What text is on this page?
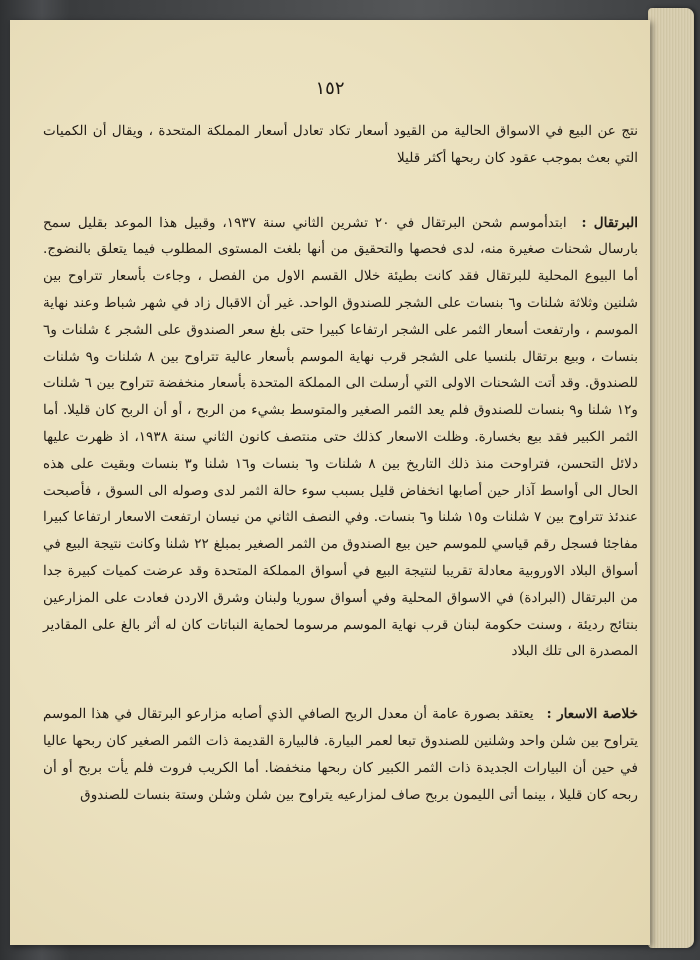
١٥٢

نتج عن البيع في الاسواق الحالية من القيود أسعار تكاد تعادل أسعار المملكة المتحدة ، ويقال أن الكميات التي بعث بموجب عقود كان ربحها أكثر قليلا

البرتقال : ابتدأموسم شحن البرتقال في ٢٠ تشرين الثاني سنة ١٩٣٧، وقبيل هذا الموعد بقليل سمح بارسال شحنات صغيرة منه، لدى فحصها والتحقيق من أنها بلغت المستوى المطلوب فيما يتعلق بالنضوج. أما البيوع المحلية للبرتقال فقد كانت بطيئة خلال القسم الاول من الفصل ، وجاءت بأسعار تتراوح بين شلنين وثلاثة شلنات و٦ بنسات على الشجر للصندوق الواحد. غير أن الاقبال زاد في شهر شباط وعند نهاية الموسم ، وارتفعت أسعار الثمر على الشجر ارتفاعا كبيرا حتى بلغ سعر الصندوق على الشجر ٤ شلنات و٦ بنسات ، وبيع برتقال بلنسيا على الشجر قرب نهاية الموسم بأسعار عالية تتراوح بين ٨ شلنات و٩ شلنات للصندوق. وقد أتت الشحنات الاولى التي أرسلت الى المملكة المتحدة بأسعار منخفضة تتراوح بين ٦ شلنات و١٢ شلنا و٩ بنسات للصندوق فلم يعد الثمر الصغير والمتوسط بشيء من الربح ، أو أن الربح كان قليلا. أما الثمر الكبير فقد بيع بخسارة. وظلت الاسعار كذلك حتى منتصف كانون الثاني سنة ١٩٣٨، اذ ظهرت عليها دلائل التحسن، فتراوحت منذ ذلك التاريخ بين ٨ شلنات و٦ بنسات و١٦ شلنا و٣ بنسات وبقيت على هذه الحال الى أواسط آذار حين أصابها انخفاض قليل بسبب سوء حالة الثمر لدى وصوله الى السوق ، فأصبحت عندئذ تتراوح بين ٧ شلنات و١٥ شلنا و٦ بنسات. وفي النصف الثاني من نيسان ارتفعت الاسعار ارتفاعا كبيرا مفاجئا فسجل رقم قياسي للموسم حين بيع الصندوق من الثمر الصغير بمبلغ ٢٢ شلنا وكانت نتيجة البيع في أسواق البلاد الاوروبية معادلة تقريبا لنتيجة البيع في أسواق المملكة المتحدة وقد عرضت كميات كبيرة جدا من البرتقال (البرادة) في الاسواق المحلية وفي أسواق سوريا ولبنان وشرق الاردن فعادت على المزارعين بنتائج رديئة ، وسنت حكومة لبنان قرب نهاية الموسم مرسوما لحماية النباتات كان له أثر بالغ على المقادير المصدرة الى تلك البلاد

خلاصة الاسعار : يعتقد بصورة عامة أن معدل الربح الصافي الذي أصابه مزارعو البرتقال في هذا الموسم يتراوح بين شلن واحد وشلنين للصندوق تبعا لعمر البيارة. فالبيارة القديمة ذات الثمر الصغير كان ربحها عاليا في حين أن البيارات الجديدة ذات الثمر الكبير كان ربحها منخفضا. أما الكريب فروت فلم يأت بربح أو أن ربحه كان قليلا ، بينما أتى الليمون بربح صاف لمزارعيه يتراوح بين شلن وشلن وستة بنسات للصندوق
